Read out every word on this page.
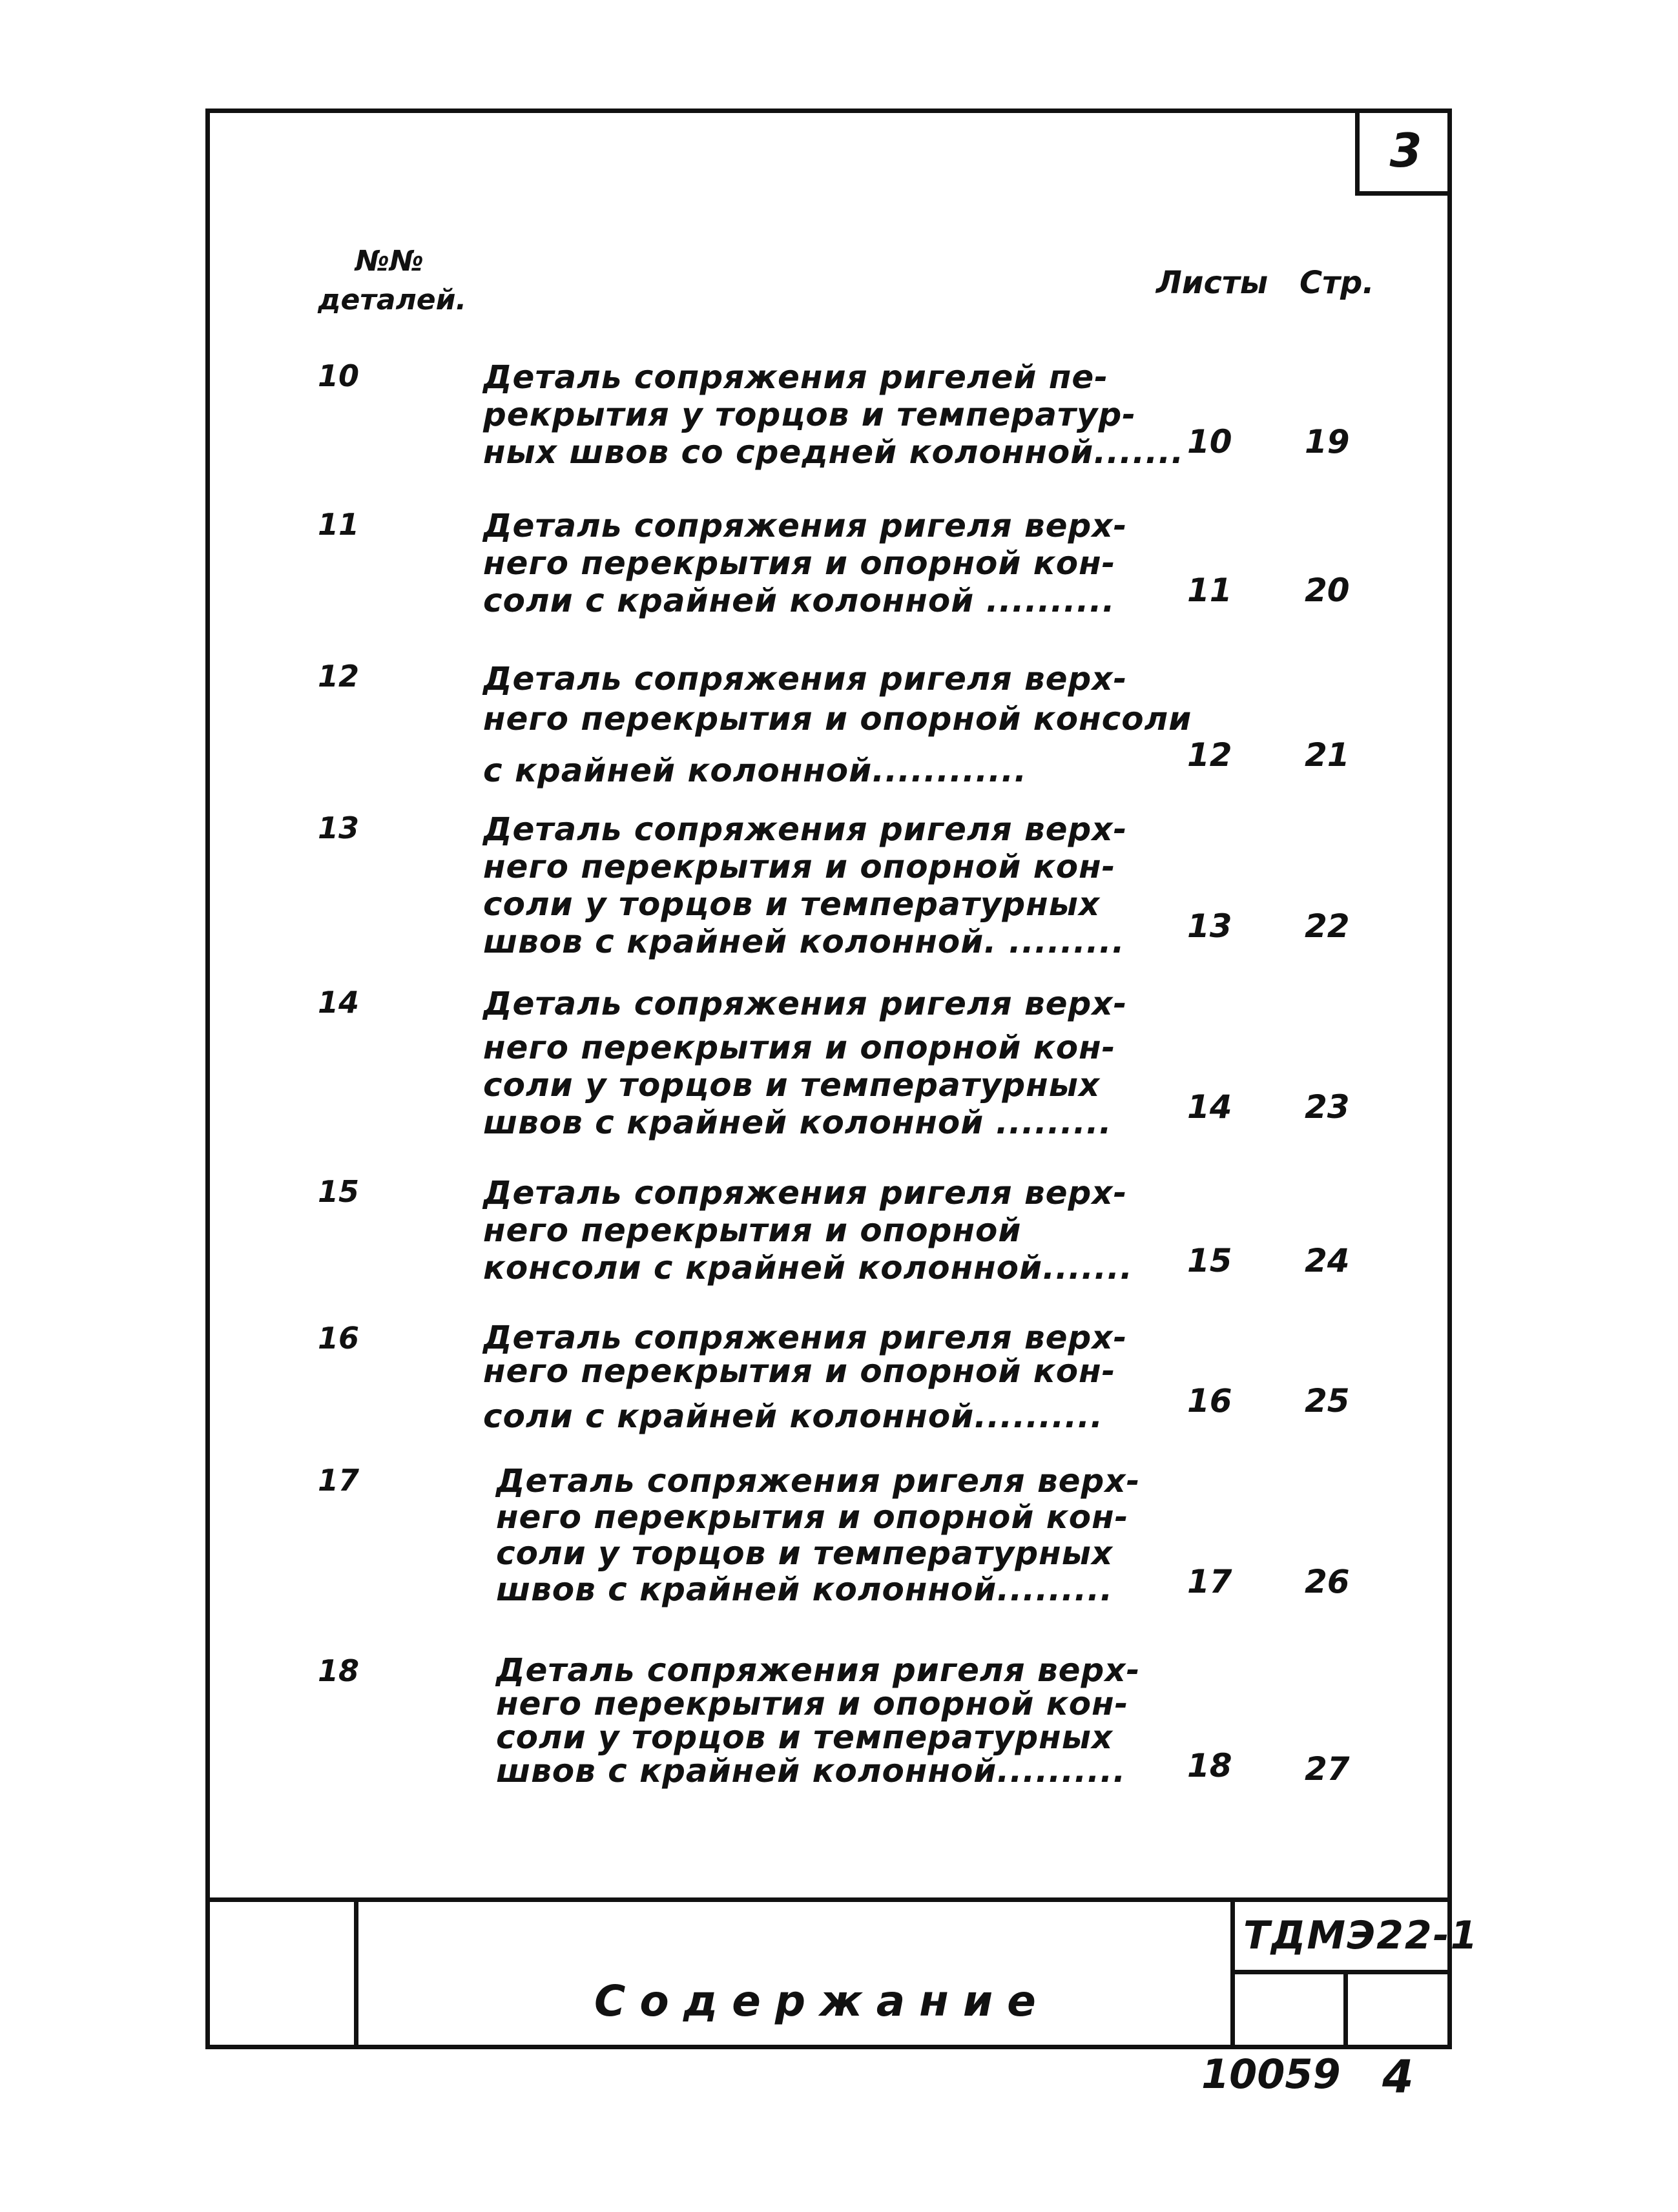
3
№№
деталей.	Листы Стр.
10	Деталь сопряжения ригелей пе-
рекрытия у торцов и температур-
ных швов со средней колонной....... 10 19
11	Деталь сопряжения ригеля верх-
него перекрытия и опорной кон-
соли с крайней колонной ..........	11 20
12	Деталь сопряжения ригеля верх-
него перекрытия и опорной консоли
с крайней колонной............	12 21
13	Деталь сопряжения ригеля верх-
него перекрытия и опорной кон-
соли у торцов и температурных
швов с крайней колонной. ......... 13 22
14	Деталь сопряжения ригеля верх-
него перекрытия и опорной кон-
соли у торцов и температурных
швов с крайней колонной .........	14 23
15	Деталь сопряжения ригеля верх-
него перекрытия и опорной
консоли с крайней колонной....... 15 24
16	Деталь сопряжения ригеля верх-
него перекрытия и опорной кон-
соли с крайней колонной..........	16 25
17	Деталь сопряжения ригеля верх-
него перекрытия и опорной кон-
соли у торцов и температурных
швов с крайней колонной.........	17 26
18	Деталь сопряжения ригеля верх-
него перекрытия и опорной кон-
соли у торцов и температурных
швов с крайней колонной..........	18 27
Содержание
ТДМЭ22-1
10059 4
